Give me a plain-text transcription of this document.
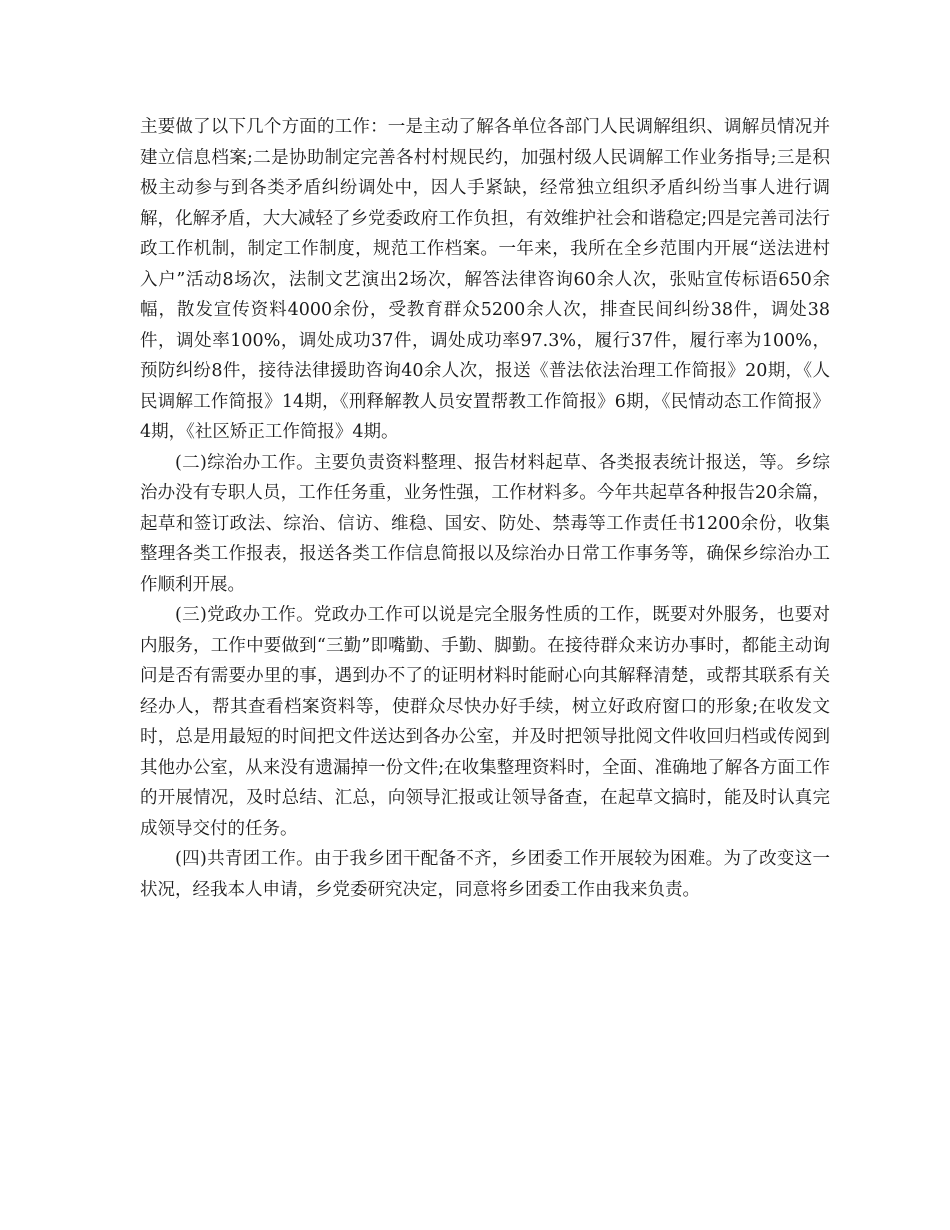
主要做了以下几个方面的工作：一是主动了解各单位各部门人民调解组织、调解员情况并建立信息档案;二是协助制定完善各村村规民约，加强村级人民调解工作业务指导;三是积极主动参与到各类矛盾纠纷调处中，因人手紧缺，经常独立组织矛盾纠纷当事人进行调解，化解矛盾，大大减轻了乡党委政府工作负担，有效维护社会和谐稳定;四是完善司法行政工作机制，制定工作制度，规范工作档案。一年来，我所在全乡范围内开展“送法进村入户”活动8场次，法制文艺演出2场次，解答法律咨询60余人次，张贴宣传标语650余幅，散发宣传资料4000余份，受教育群众5200余人次，排查民间纠纷38件，调处38件，调处率100%，调处成功37件，调处成功率97.3%，履行37件，履行率为100%，预防纠纷8件，接待法律援助咨询40余人次，报送《普法依法治理工作简报》20期，《人民调解工作简报》14期，《刑释解教人员安置帮教工作简报》6期，《民情动态工作简报》4期，《社区矫正工作简报》4期。

(二)综治办工作。主要负责资料整理、报告材料起草、各类报表统计报送，等。乡综治办没有专职人员，工作任务重，业务性强，工作材料多。今年共起草各种报告20余篇，起草和签订政法、综治、信访、维稳、国安、防处、禁毒等工作责任书1200余份，收集整理各类工作报表，报送各类工作信息简报以及综治办日常工作事务等，确保乡综治办工作顺利开展。

(三)党政办工作。党政办工作可以说是完全服务性质的工作，既要对外服务，也要对内服务，工作中要做到“三勤”即嘴勤、手勤、脚勤。在接待群众来访办事时，都能主动询问是否有需要办里的事，遇到办不了的证明材料时能耐心向其解释清楚，或帮其联系有关经办人，帮其查看档案资料等，使群众尽快办好手续，树立好政府窗口的形象;在收发文时，总是用最短的时间把文件送达到各办公室，并及时把领导批阅文件收回归档或传阅到其他办公室，从来没有遗漏掉一份文件;在收集整理资料时，全面、准确地了解各方面工作的开展情况，及时总结、汇总，向领导汇报或让领导备查，在起草文搞时，能及时认真完成领导交付的任务。

(四)共青团工作。由于我乡团干配备不齐，乡团委工作开展较为困难。为了改变这一状况，经我本人申请，乡党委研究决定，同意将乡团委工作由我来负责。
